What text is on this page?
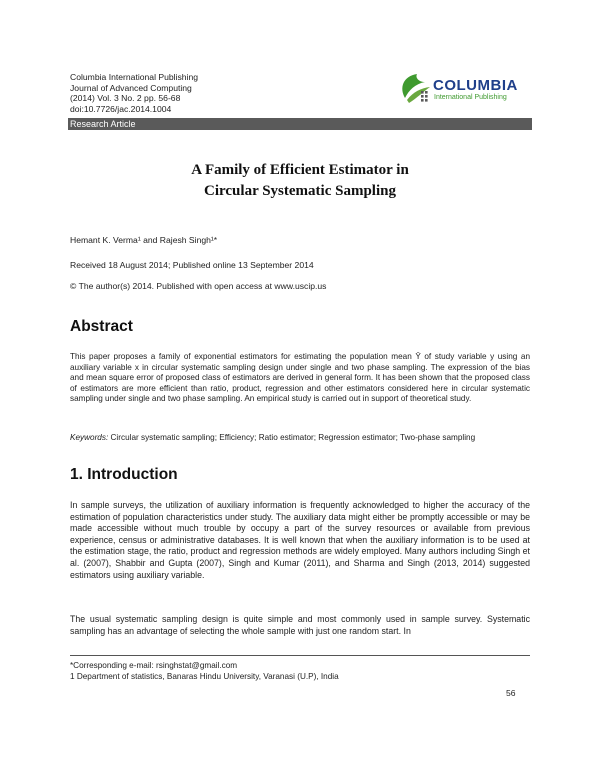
Columbia International Publishing
Journal of Advanced Computing
(2014) Vol. 3 No. 2 pp. 56-68
doi:10.7726/jac.2014.1004
Research Article
COLUMBIA
International Publishing
A Family of Efficient Estimator in
Circular Systematic Sampling
Hemant K. Verma¹ and Rajesh Singh¹*
Received 18 August 2014; Published online 13 September 2014
© The author(s) 2014. Published with open access at www.uscip.us
Abstract
This paper proposes a family of exponential estimators for estimating the population mean Ȳ of study variable y using an auxiliary variable x in circular systematic sampling design under single and two phase sampling. The expression of the bias and mean square error of proposed class of estimators are derived in general form. It has been shown that the proposed class of estimators are more efficient than ratio, product, regression and other estimators considered here in circular systematic sampling under single and two phase sampling. An empirical study is carried out in support of theoretical study.
Keywords: Circular systematic sampling; Efficiency; Ratio estimator; Regression estimator; Two-phase sampling
1. Introduction
In sample surveys, the utilization of auxiliary information is frequently acknowledged to higher the accuracy of the estimation of population characteristics under study. The auxiliary data might either be promptly accessible or may be made accessible without much trouble by occupy a part of the survey resources or available from previous experience, census or administrative databases. It is well known that when the auxiliary information is to be used at the estimation stage, the ratio, product and regression methods are widely employed. Many authors including Singh et al. (2007), Shabbir and Gupta (2007), Singh and Kumar (2011), and Sharma and Singh (2013, 2014) suggested estimators using auxiliary variable.
The usual systematic sampling design is quite simple and most commonly used in sample survey. Systematic sampling has an advantage of selecting the whole sample with just one random start. In
*Corresponding e-mail: rsinghstat@gmail.com
1 Department of statistics, Banaras Hindu University, Varanasi (U.P), India
56
